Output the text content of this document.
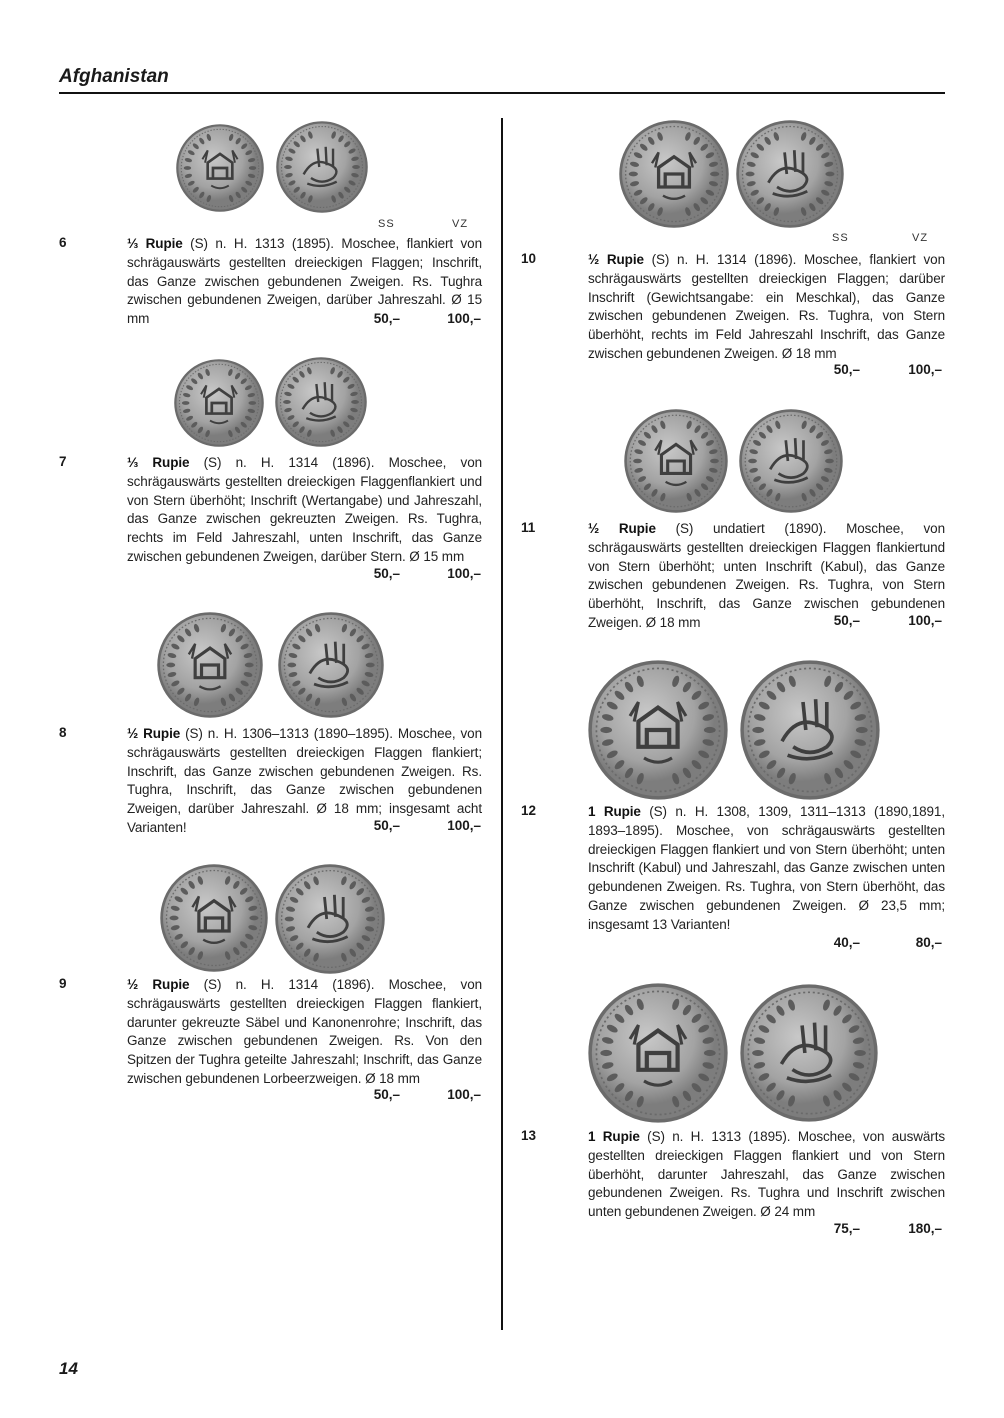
Afghanistan
SS	VZ
6	⅓ Rupie (S) n. H. 1313 (1895). Moschee, flankiert von schrägauswärts gestellten dreieckigen Flaggen; Inschrift, das Ganze zwischen gebundenen Zweigen. Rs. Tughra zwischen gebundenen Zweigen, darüber Jahreszahl. Ø 15 mm	50,–	100,–
7	⅓ Rupie (S) n. H. 1314 (1896). Moschee, von schrägauswärts gestellten dreieckigen Flaggenflankiert und von Stern überhöht; Inschrift (Wertangabe) und Jahreszahl, das Ganze zwischen gekreuzten Zweigen. Rs. Tughra, rechts im Feld Jahreszahl, unten Inschrift, das Ganze zwischen gebundenen Zweigen, darüber Stern. Ø 15 mm
50,–	100,–
8	½ Rupie (S) n. H. 1306–1313 (1890–1895). Moschee, von schrägauswärts gestellten dreieckigen Flaggen flankiert; Inschrift, das Ganze zwischen gebundenen Zweigen. Rs. Tughra, Inschrift, das Ganze zwischen gebundenen Zweigen, darüber Jahreszahl. Ø 18 mm; insgesamt acht Varianten!	50,–	100,–
9	½ Rupie (S) n. H. 1314 (1896). Moschee, von schrägauswärts gestellten dreieckigen Flaggen flankiert, darunter gekreuzte Säbel und Kanonenrohre; Inschrift, das Ganze zwischen gebundenen Zweigen. Rs. Von den Spitzen der Tughra geteilte Jahreszahl; Inschrift, das Ganze zwischen gebundenen Lorbeerzweigen. Ø 18 mm
50,–	100,–
SS	VZ
10	½ Rupie (S) n. H. 1314 (1896). Moschee, flankiert von schrägauswärts gestellten dreieckigen Flaggen; darüber Inschrift (Gewichtsangabe: ein Meschkal), das Ganze zwischen gebundenen Zweigen. Rs. Tughra, von Stern überhöht, rechts im Feld Jahreszahl Inschrift, das Ganze zwischen gebundenen Zweigen. Ø 18 mm
50,–	100,–
11	½ Rupie (S) undatiert (1890). Moschee, von schrägauswärts gestellten dreieckigen Flaggen flankiertund von Stern überhöht; unten Inschrift (Kabul), das Ganze zwischen gebundenen Zweigen. Rs. Tughra, von Stern überhöht, Inschrift, das Ganze zwischen gebundenen Zweigen. Ø 18 mm	50,–	100,–
12	1 Rupie (S) n. H. 1308, 1309, 1311–1313 (1890,1891, 1893–1895). Moschee, von schrägauswärts gestellten dreieckigen Flaggen flankiert und von Stern überhöht; unten Inschrift (Kabul) und Jahreszahl, das Ganze zwischen unten gebundenen Zweigen. Rs. Tughra, von Stern überhöht, das Ganze zwischen gebundenen Zweigen. Ø 23,5 mm; insgesamt 13 Varianten!
40,–	80,–
13	1 Rupie (S) n. H. 1313 (1895). Moschee, von auswärts gestellten dreieckigen Flaggen flankiert und von Stern überhöht, darunter Jahreszahl, das Ganze zwischen gebundenen Zweigen. Rs. Tughra und Inschrift zwischen unten gebundenen Zweigen. Ø 24 mm
75,–	180,–
14
